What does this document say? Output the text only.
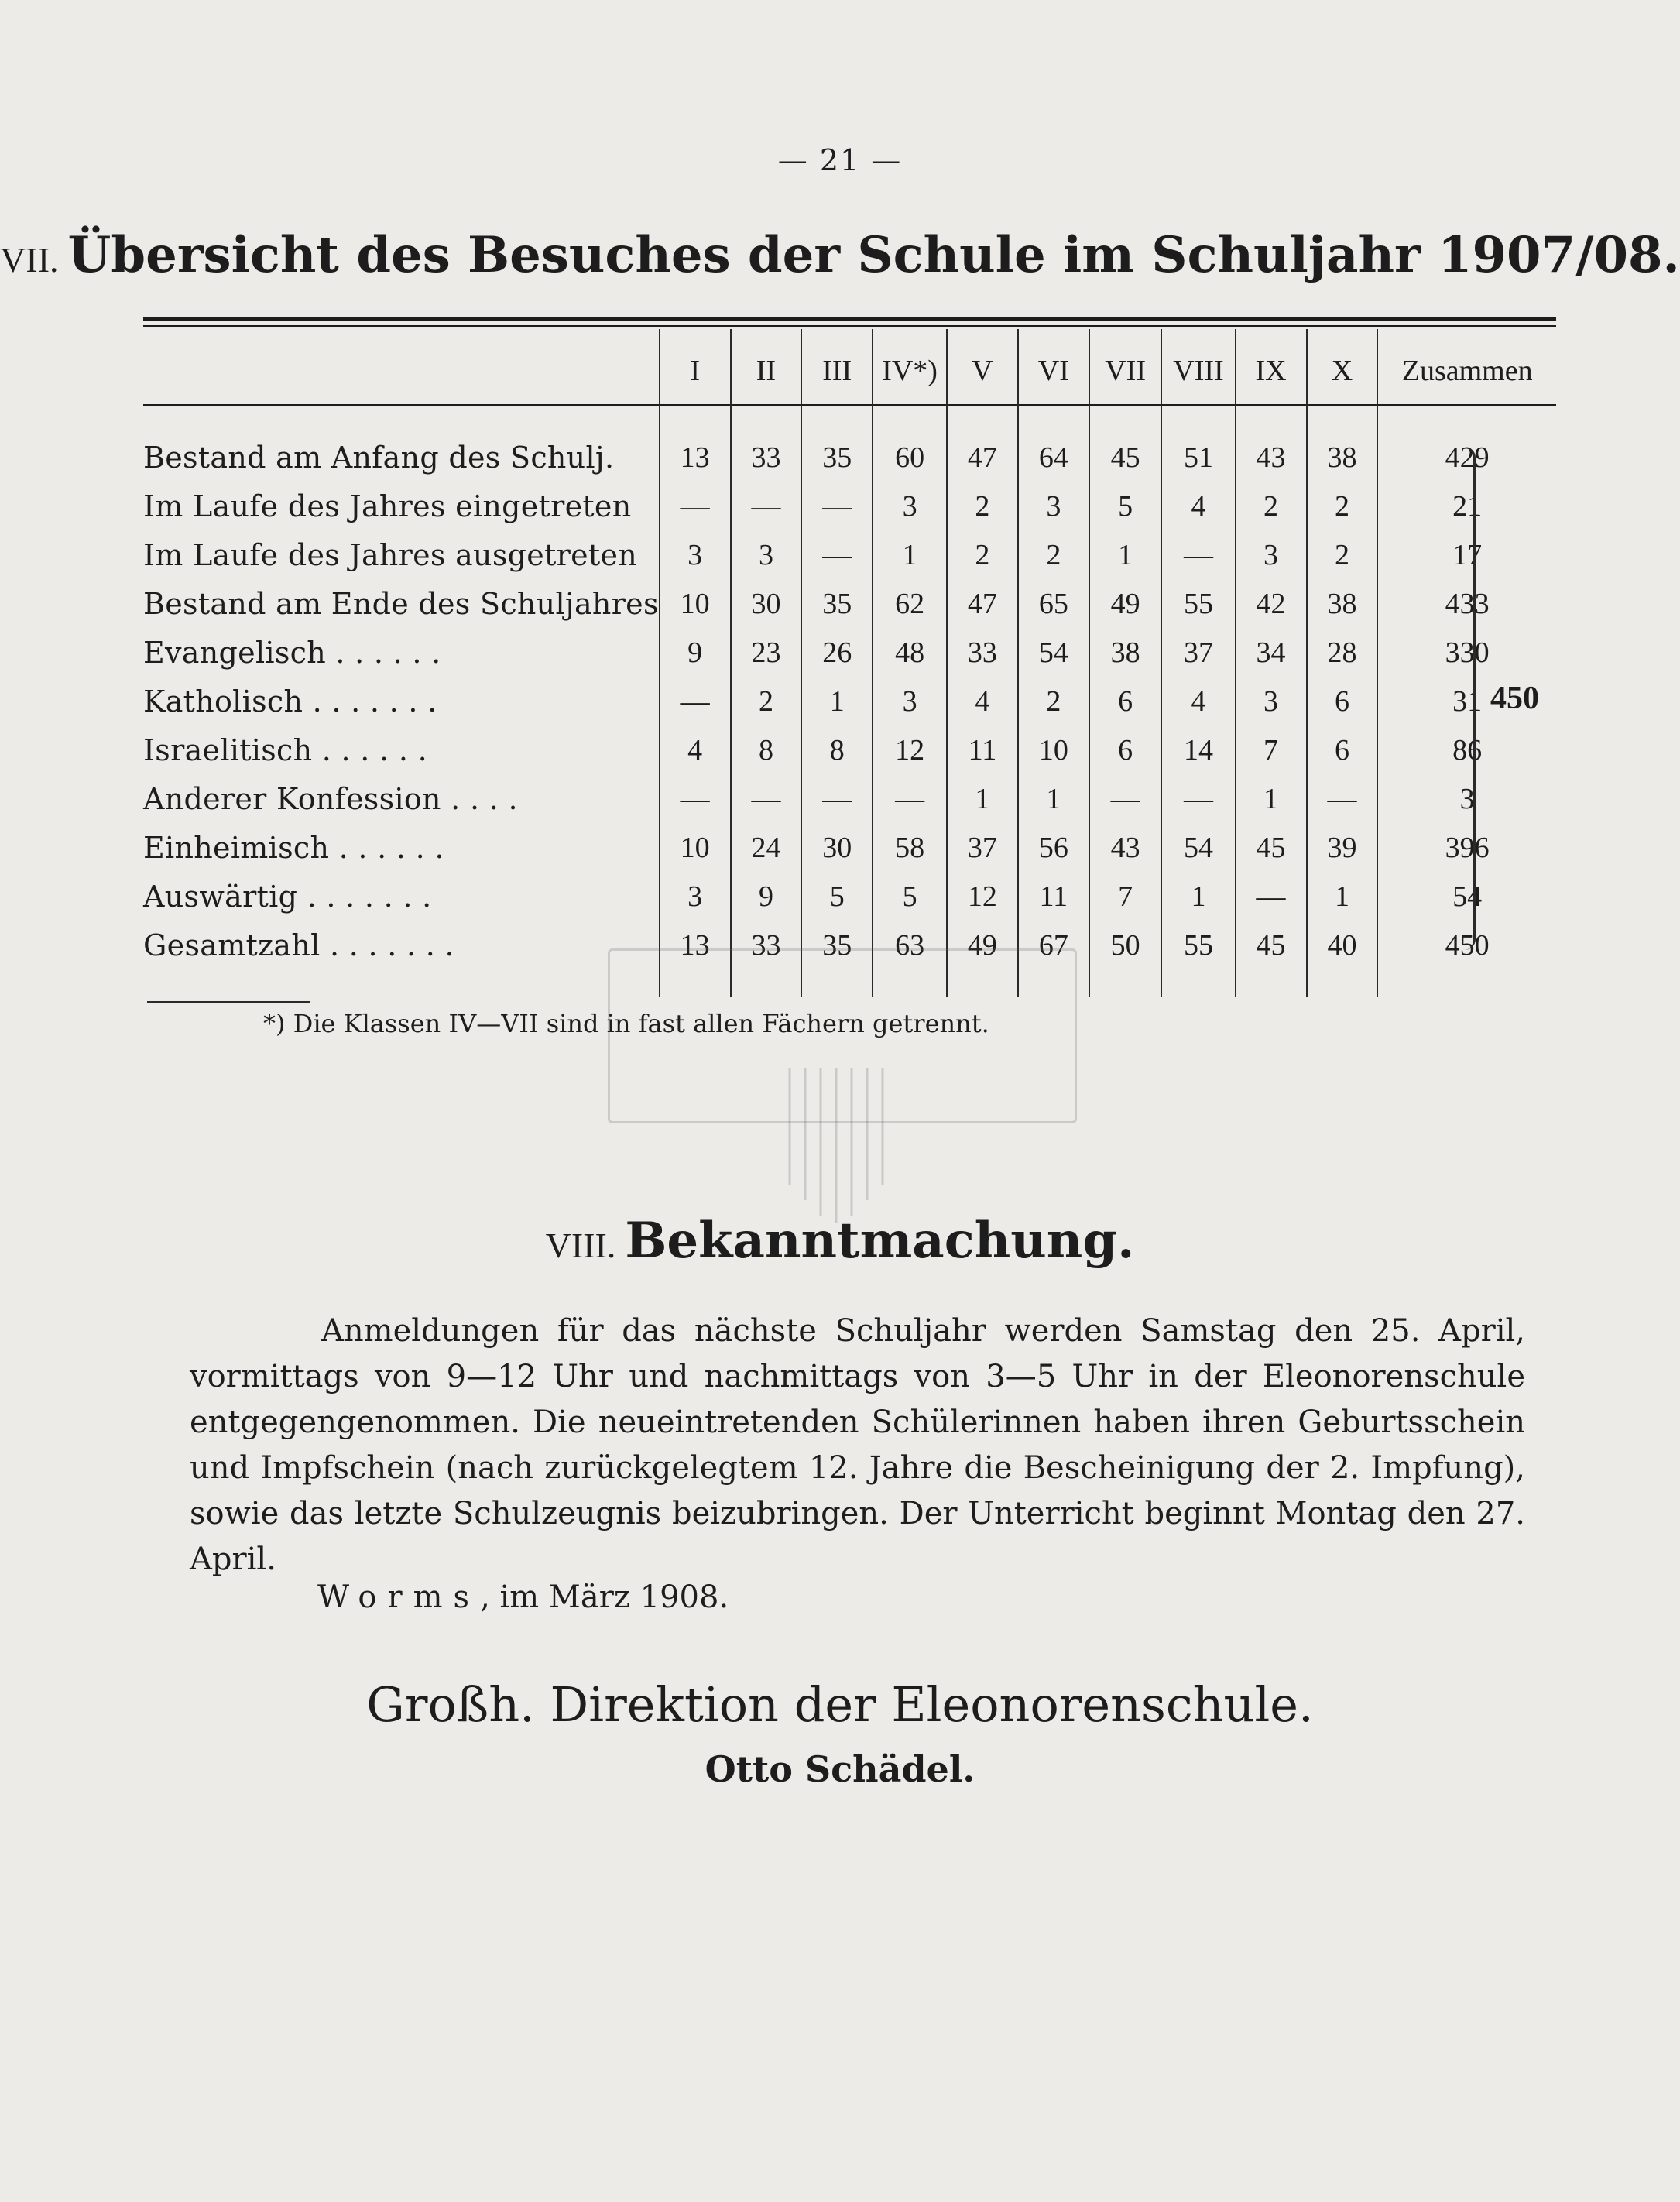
— 21 —
VII. Übersicht des Besuches der Schule im Schuljahr 1907/08.
	I	II	III	IV*)	V	VI	VII	VIII	IX	X	Zusammen
Bestand am Anfang des Schulj.	13	33	35	60	47	64	45	51	43	38	429
Im Laufe des Jahres eingetreten	—	—	—	3	2	3	5	4	2	2	21
Im Laufe des Jahres ausgetreten	3	3	—	1	2	2	1	—	3	2	17
Bestand am Ende des Schuljahres	10	30	35	62	47	65	49	55	42	38	433
Evangelisch . . . . . .	9	23	26	48	33	54	38	37	34	28	330
Katholisch . . . . . . .	—	2	1	3	4	2	6	4	3	6	31
Israelitisch . . . . . .	4	8	8	12	11	10	6	14	7	6	86
Anderer Konfession . . . .	—	—	—	—	1	1	—	—	1	—	3
Einheimisch . . . . . .	10	24	30	58	37	56	43	54	45	39	396
Auswärtig . . . . . . .	3	9	5	5	12	11	7	1	—	1	54
Gesamtzahl . . . . . . .	13	33	35	63	49	67	50	55	45	40	450
450
*) Die Klassen IV—VII sind in fast allen Fächern getrennt.
VIII. Bekanntmachung.
Anmeldungen für das nächste Schuljahr werden Samstag den 25. April, vormittags von 9—12 Uhr und nachmittags von 3—5 Uhr in der Eleonorenschule entgegengenommen. Die neueintretenden Schülerinnen haben ihren Geburtsschein und Impfschein (nach zurückgelegtem 12. Jahre die Bescheinigung der 2. Impfung), sowie das letzte Schulzeugnis beizubringen. Der Unterricht beginnt Montag den 27. April.
Worms, im März 1908.
Großh. Direktion der Eleonorenschule.
Otto Schädel.
